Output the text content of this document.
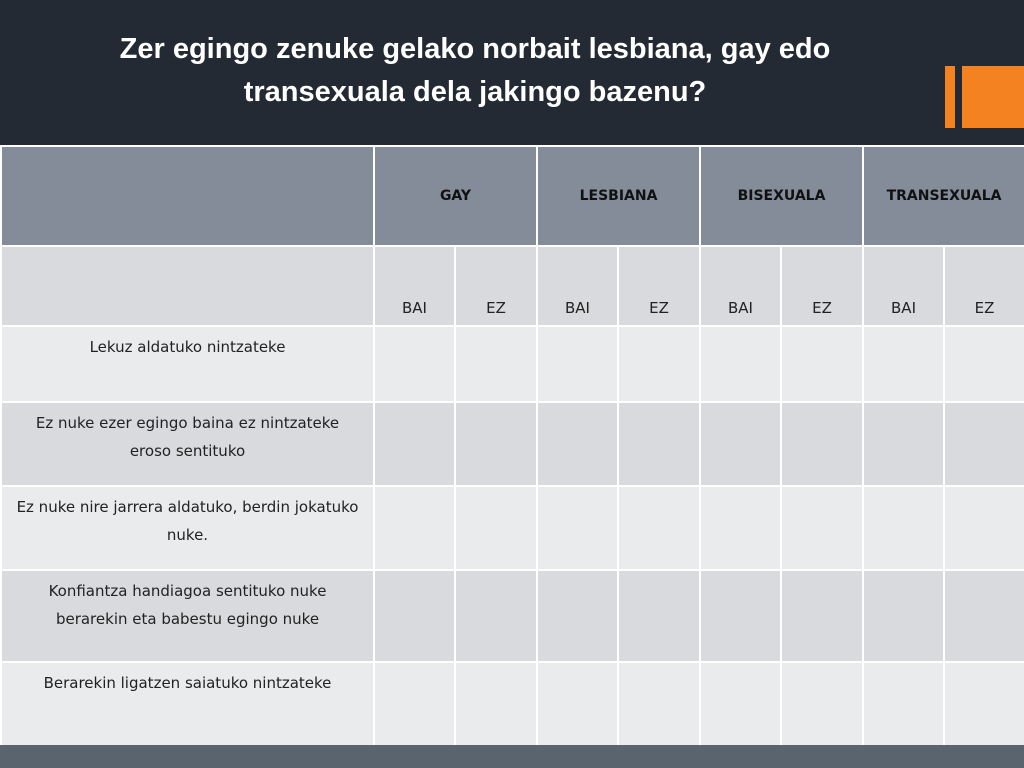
Zer egingo zenuke gelako norbait lesbiana, gay edo transexuala dela jakingo bazenu?
	GAY		LESBIANA		BISEXUALA		TRANSEXUALA	
	BAI	EZ	BAI	EZ	BAI	EZ	BAI	EZ
Lekuz aldatuko nintzateke								
Ez nuke ezer egingo baina ez nintzateke eroso sentituko								
Ez nuke nire jarrera aldatuko, berdin jokatuko nuke.								
Konfiantza handiagoa sentituko nuke berarekin eta babestu egingo nuke								
Berarekin ligatzen saiatuko nintzateke								
